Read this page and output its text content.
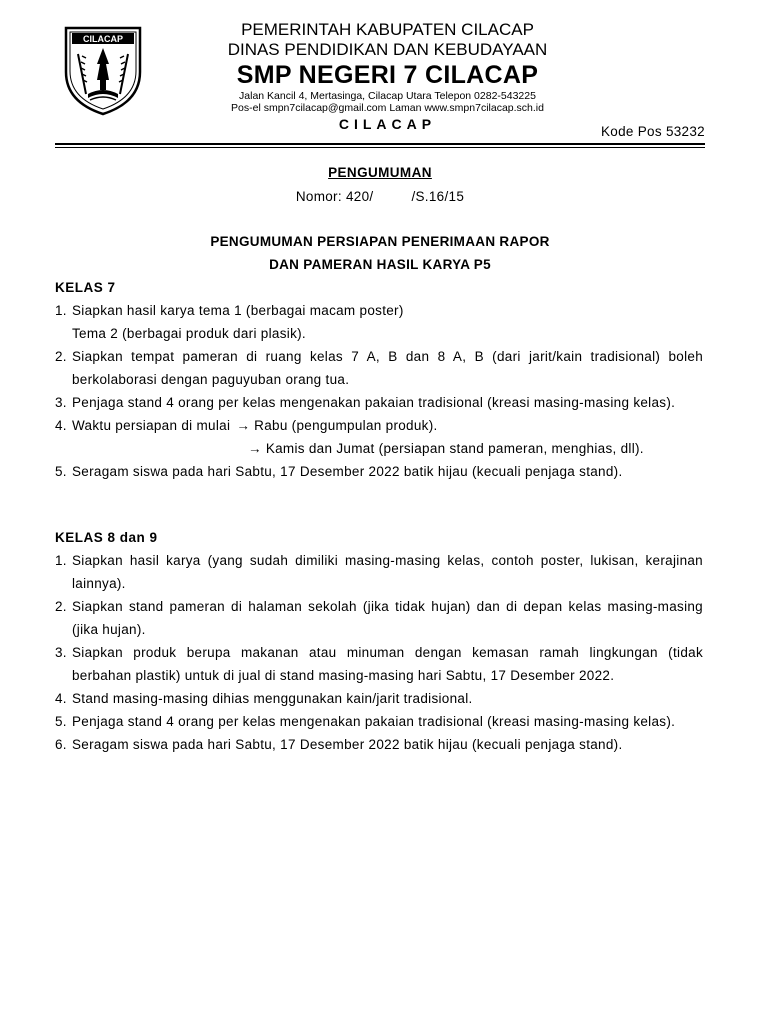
CILACAP	PEMERINTAH KABUPATEN CILACAP

DINAS PENDIDIKAN DAN KEBUDAYAAN

SMP NEGERI 7 CILACAP

Jalan Kancil 4, Mertasinga, Cilacap Utara Telepon 0282-543225

Pos-el smpn7cilacap@gmail.com Laman www.smpn7cilacap.sch.id

CILACAP	Kode Pos 53232
PENGUMUMAN
Nomor: 420/	/S.16/15
PENGUMUMAN PERSIAPAN PENERIMAAN RAPOR
DAN PAMERAN HASIL KARYA P5
KELAS 7
1. Siapkan hasil karya tema 1 (berbagai macam poster)
Tema 2 (berbagai produk dari plasik).
2. Siapkan tempat pameran di ruang kelas 7 A, B dan 8 A, B (dari jarit/kain tradisional) boleh berkolaborasi dengan paguyuban orang tua.
3. Penjaga stand 4 orang per kelas mengenakan pakaian tradisional (kreasi masing-masing kelas).
4. Waktu persiapan di mulai → Rabu (pengumpulan produk).
→ Kamis dan Jumat (persiapan stand pameran, menghias, dll).
5. Seragam siswa pada hari Sabtu, 17 Desember 2022 batik hijau (kecuali penjaga stand).
KELAS 8 dan 9
1. Siapkan hasil karya (yang sudah dimiliki masing-masing kelas, contoh poster, lukisan, kerajinan lainnya).
2. Siapkan stand pameran di halaman sekolah (jika tidak hujan) dan di depan kelas masing-masing (jika hujan).
3. Siapkan produk berupa makanan atau minuman dengan kemasan ramah lingkungan (tidak berbahan plastik) untuk di jual di stand masing-masing hari Sabtu, 17 Desember 2022.
4. Stand masing-masing dihias menggunakan kain/jarit tradisional.
5. Penjaga stand 4 orang per kelas mengenakan pakaian tradisional (kreasi masing-masing kelas).
6. Seragam siswa pada hari Sabtu, 17 Desember 2022 batik hijau (kecuali penjaga stand).
